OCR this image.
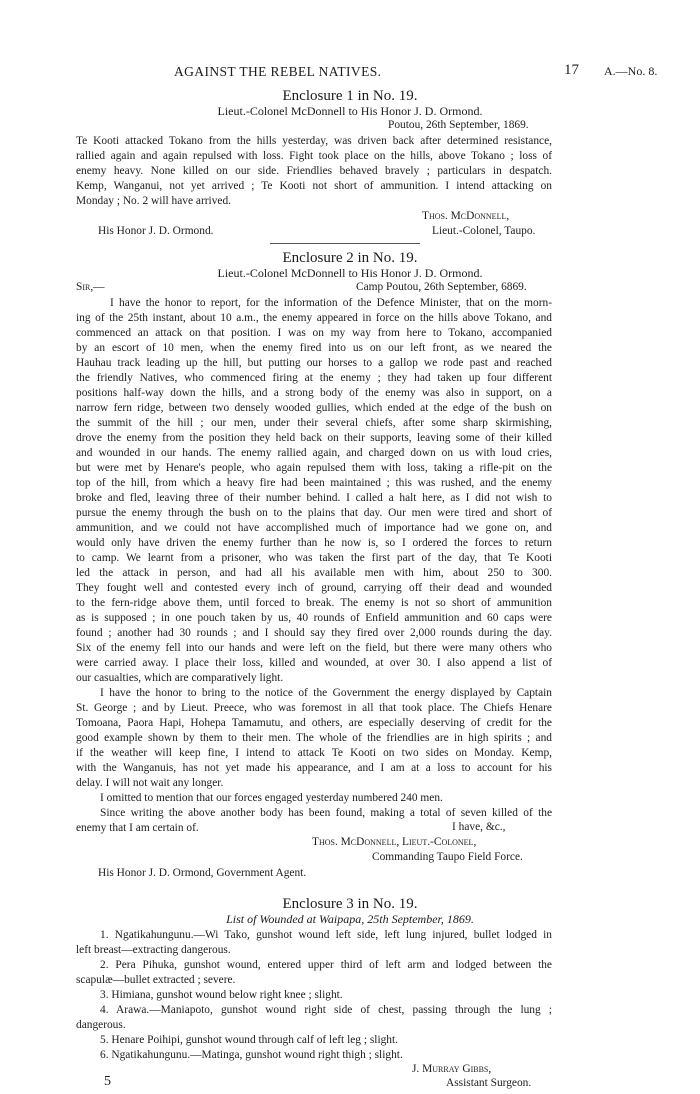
AGAINST THE REBEL NATIVES.	17 A.—No. 8.
Enclosure 1 in No. 19.
Lieut.-Colonel McDonnell to His Honor J. D. Ormond.
Poutou, 26th September, 1869.
Te Kooti attacked Tokano from the hills yesterday, was driven back after determined resistance,
rallied again and again repulsed with loss. Fight took place on the hills, above Tokano ; loss of
enemy heavy. None killed on our side. Friendlies behaved bravely ; particulars in despatch.
Kemp, Wanganui, not yet arrived ; Te Kooti not short of ammunition. I intend attacking on
Monday ; No. 2 will have arrived.
Thos. McDonnell,
His Honor J. D. Ormond.	Lieut.-Colonel, Taupo.
Enclosure 2 in No. 19.
Lieut.-Colonel McDonnell to His Honor J. D. Ormond.
Sir,—	Camp Poutou, 26th September, 6869.
I have the honor to report, for the information of the Defence Minister, that on the morn-
ing of the 25th instant, about 10 a.m., the enemy appeared in force on the hills above Tokano, and
commenced an attack on that position. I was on my way from here to Tokano, accompanied
by an escort of 10 men, when the enemy fired into us on our left front, as we neared the
Hauhau track leading up the hill, but putting our horses to a gallop we rode past and reached
the friendly Natives, who commenced firing at the enemy ; they had taken up four different
positions half-way down the hills, and a strong body of the enemy was also in support, on a
narrow fern ridge, between two densely wooded gullies, which ended at the edge of the bush on
the summit of the hill ; our men, under their several chiefs, after some sharp skirmishing,
drove the enemy from the position they held back on their supports, leaving some of their killed
and wounded in our hands. The enemy rallied again, and charged down on us with loud cries,
but were met by Henare's people, who again repulsed them with loss, taking a rifle-pit on the
top of the hill, from which a heavy fire had been maintained ; this was rushed, and the enemy
broke and fled, leaving three of their number behind. I called a halt here, as I did not wish to
pursue the enemy through the bush on to the plains that day. Our men were tired and short of
ammunition, and we could not have accomplished much of importance had we gone on, and
would only have driven the enemy further than he now is, so I ordered the forces to return
to camp. We learnt from a prisoner, who was taken the first part of the day, that Te Kooti
led the attack in person, and had all his available men with him, about 250 to 300.
They fought well and contested every inch of ground, carrying off their dead and wounded
to the fern-ridge above them, until forced to break. The enemy is not so short of ammunition
as is supposed ; in one pouch taken by us, 40 rounds of Enfield ammunition and 60 caps were
found ; another had 30 rounds ; and I should say they fired over 2,000 rounds during the day.
Six of the enemy fell into our hands and were left on the field, but there were many others who
were carried away. I place their loss, killed and wounded, at over 30. I also append a list of
our casualties, which are comparatively light.
I have the honor to bring to the notice of the Government the energy displayed by Captain
St. George ; and by Lieut. Preece, who was foremost in all that took place. The Chiefs Henare
Tomoana, Paora Hapi, Hohepa Tamamutu, and others, are especially deserving of credit for the
good example shown by them to their men. The whole of the friendlies are in high spirits ; and
if the weather will keep fine, I intend to attack Te Kooti on two sides on Monday. Kemp,
with the Wanganuis, has not yet made his appearance, and I am at a loss to account for his
delay. I will not wait any longer.
I omitted to mention that our forces engaged yesterday numbered 240 men.
Since writing the above another body has been found, making a total of seven killed of the
enemy that I am certain of.	I have, &c.,
Thos. McDonnell, Lieut.-Colonel,
Commanding Taupo Field Force.
His Honor J. D. Ormond, Government Agent.
Enclosure 3 in No. 19.
List of Wounded at Waipapa, 25th September, 1869.
1. Ngatikahungunu.—Wi Tako, gunshot wound left side, left lung injured, bullet lodged in
left breast—extracting dangerous.
2. Pera Pihuka, gunshot wound, entered upper third of left arm and lodged between the
scapulæ—bullet extracted ; severe.
3. Himiana, gunshot wound below right knee ; slight.
4. Arawa.—Maniapoto, gunshot wound right side of chest, passing through the lung ;
dangerous.
5. Henare Poihipi, gunshot wound through calf of left leg ; slight.
6. Ngatikahungunu.—Matinga, gunshot wound right thigh ; slight.
J. Murray Gibbs,
Assistant Surgeon.
5
